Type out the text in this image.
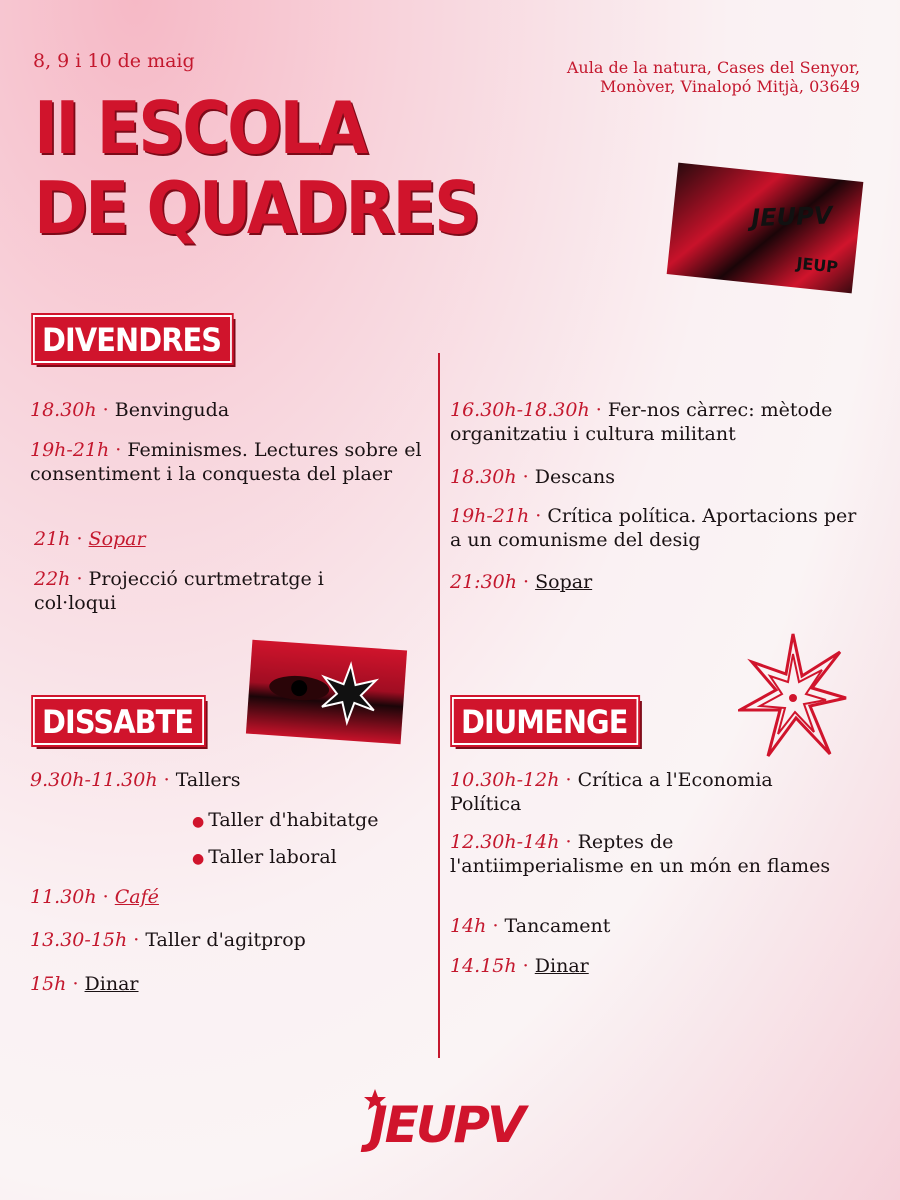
8, 9 i 10 de maig	Aula de la natura, Cases del Senyor,
Monòver, Vinalopó Mitjà, 03649
II ESCOLA
DE QUADRES	JEUPV
JEUP
DIVENDRES
18.30h · Benvinguda
19h-21h · Feminismes. Lectures sobre el consentiment i la conquesta del plaer
21h · Sopar
22h · Projecció curtmetratge i col·loqui
16.30h-18.30h · Fer-nos càrrec: mètode organitzatiu i cultura militant
18.30h · Descans
19h-21h · Crítica política. Aportacions per a un comunisme del desig
21:30h · Sopar
DISSABTE
9.30h-11.30h · Tallers
● Taller d'habitatge
● Taller laboral
11.30h · Café
13.30-15h · Taller d'agitprop
15h · Dinar
DIUMENGE
10.30h-12h · Crítica a l'Economia Política
12.30h-14h · Reptes de l'antiimperialisme en un món en flames
14h · Tancament
14.15h · Dinar
JEUPV
